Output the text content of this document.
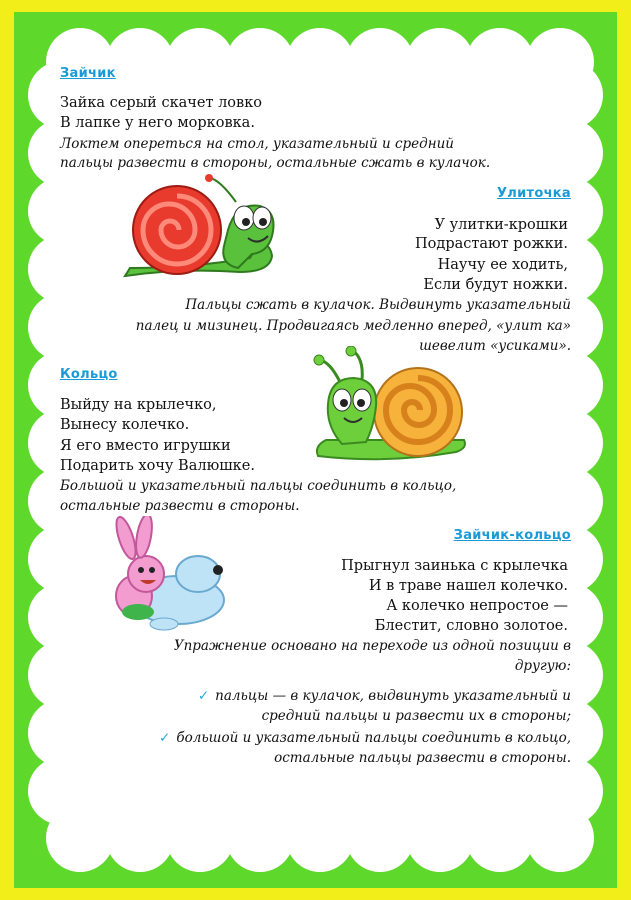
Зайчик
Зайка серый скачет ловко
В лапке у него морковка.
Локтем опереться на стол, указательный и средний
пальцы развести в стороны, остальные сжать в кулачок.
Улиточка
У улитки-крошки
Подрастают рожки.
Научу ее ходить,
Если будут ножки.
Пальцы сжать в кулачок. Выдвинуть указательный
палец и мизинец. Продвигаясь медленно вперед, «улит ка»
шевелит «усиками».
Кольцо
Выйду на крылечко,
Вынесу колечко.
Я его вместо игрушки
Подарить хочу Валюшке.
Большой и указательный пальцы соединить в кольцо,
остальные развести в стороны.
Зайчик-кольцо
Прыгнул заинька с крылечка
И в траве нашел колечко.
А колечко непростое —
Блестит, словно золотое.
Упражнение основано на переходе из одной позиции в
другую:
✓ пальцы — в кулачок, выдвинуть указательный и
средний пальцы и развести их в стороны;
✓ большой и указательный пальцы соединить в кольцо,
остальные пальцы развести в стороны.
